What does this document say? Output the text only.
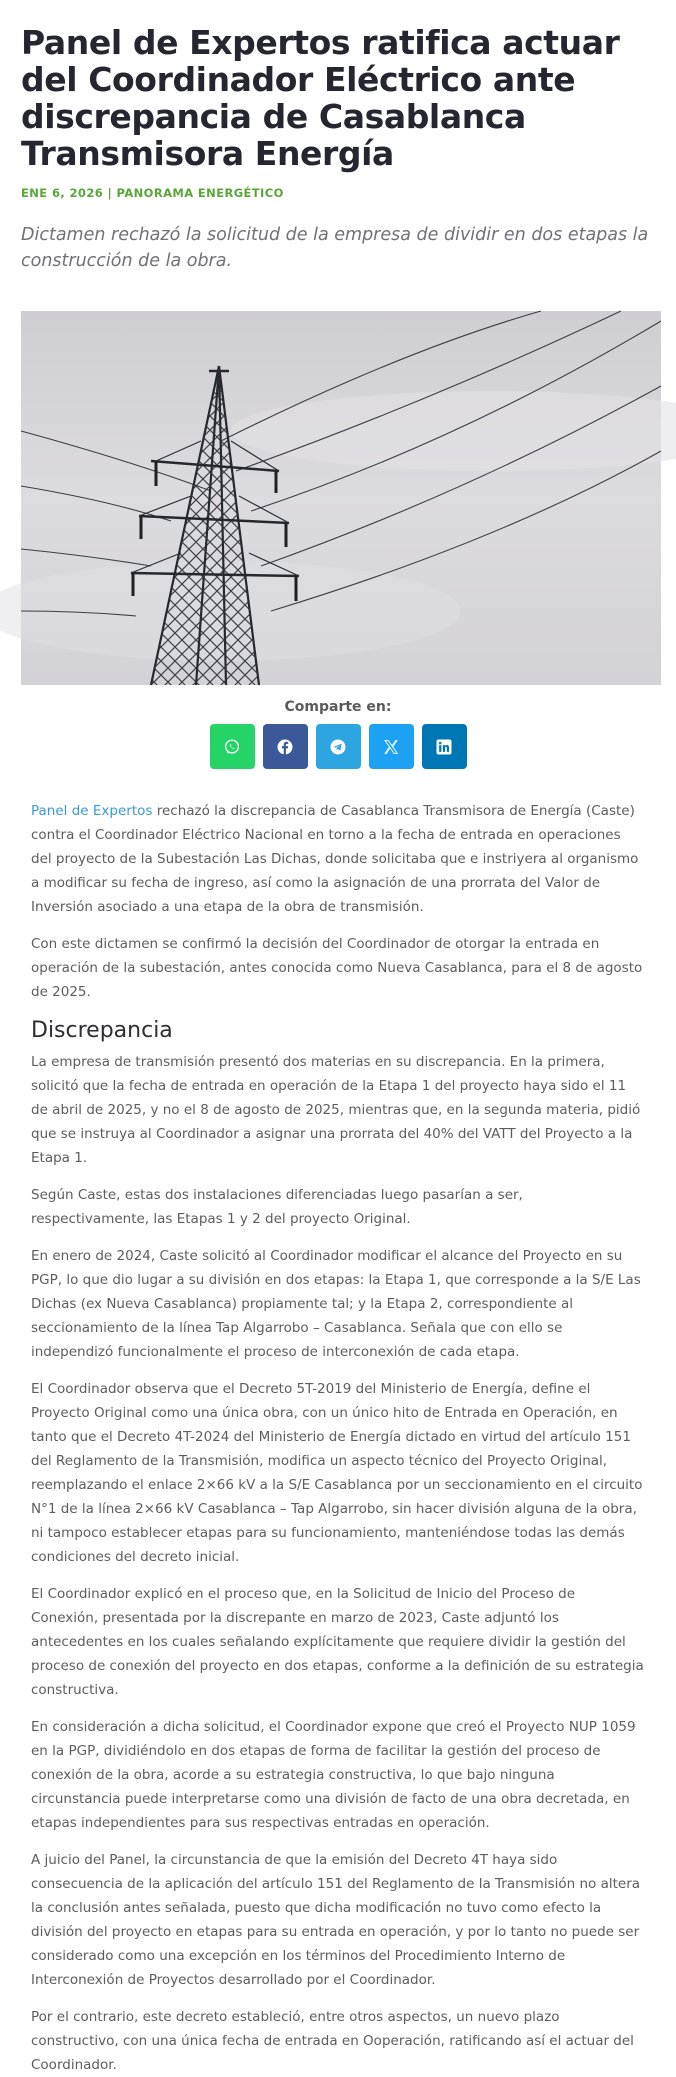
Panel de Expertos ratifica actuar del Coordinador Eléctrico ante discrepancia de Casablanca Transmisora Energía
ENE 6, 2026 | PANORAMA ENERGÉTICO

Dictamen rechazó la solicitud de la empresa de dividir en dos etapas la construcción de la obra.

Comparte en:

Panel de Expertos rechazó la discrepancia de Casablanca Transmisora de Energía (Caste) contra el Coordinador Eléctrico Nacional en torno a la fecha de entrada en operaciones del proyecto de la Subestación Las Dichas, donde solicitaba que e instriyera al organismo a modificar su fecha de ingreso, así como la asignación de una prorrata del Valor de Inversión asociado a una etapa de la obra de transmisión.

Con este dictamen se confirmó la decisión del Coordinador de otorgar la entrada en operación de la subestación, antes conocida como Nueva Casablanca, para el 8 de agosto de 2025.

Discrepancia

La empresa de transmisión presentó dos materias en su discrepancia. En la primera, solicitó que la fecha de entrada en operación de la Etapa 1 del proyecto haya sido el 11 de abril de 2025, y no el 8 de agosto de 2025, mientras que, en la segunda materia, pidió que se instruya al Coordinador a asignar una prorrata del 40% del VATT del Proyecto a la Etapa 1.

Según Caste, estas dos instalaciones diferenciadas luego pasarían a ser, respectivamente, las Etapas 1 y 2 del proyecto Original.

En enero de 2024, Caste solicitó al Coordinador modificar el alcance del Proyecto en su PGP, lo que dio lugar a su división en dos etapas: la Etapa 1, que corresponde a la S/E Las Dichas (ex Nueva Casablanca) propiamente tal; y la Etapa 2, correspondiente al seccionamiento de la línea Tap Algarrobo – Casablanca. Señala que con ello se independizó funcionalmente el proceso de interconexión de cada etapa.

El Coordinador observa que el Decreto 5T-2019 del Ministerio de Energía, define el Proyecto Original como una única obra, con un único hito de Entrada en Operación, en tanto que el Decreto 4T-2024 del Ministerio de Energía dictado en virtud del artículo 151 del Reglamento de la Transmisión, modifica un aspecto técnico del Proyecto Original, reemplazando el enlace 2×66 kV a la S/E Casablanca por un seccionamiento en el circuito N°1 de la línea 2×66 kV Casablanca – Tap Algarrobo, sin hacer división alguna de la obra, ni tampoco establecer etapas para su funcionamiento, manteniéndose todas las demás condiciones del decreto inicial.

El Coordinador explicó en el proceso que, en la Solicitud de Inicio del Proceso de Conexión, presentada por la discrepante en marzo de 2023, Caste adjuntó los antecedentes en los cuales señalando explícitamente que requiere dividir la gestión del proceso de conexión del proyecto en dos etapas, conforme a la definición de su estrategia constructiva.

En consideración a dicha solicitud, el Coordinador expone que creó el Proyecto NUP 1059 en la PGP, dividiéndolo en dos etapas de forma de facilitar la gestión del proceso de conexión de la obra, acorde a su estrategia constructiva, lo que bajo ninguna circunstancia puede interpretarse como una división de facto de una obra decretada, en etapas independientes para sus respectivas entradas en operación.

A juicio del Panel, la circunstancia de que la emisión del Decreto 4T haya sido consecuencia de la aplicación del artículo 151 del Reglamento de la Transmisión no altera la conclusión antes señalada, puesto que dicha modificación no tuvo como efecto la división del proyecto en etapas para su entrada en operación, y por lo tanto no puede ser considerado como una excepción en los términos del Procedimiento Interno de Interconexión de Proyectos desarrollado por el Coordinador.

Por el contrario, este decreto estableció, entre otros aspectos, un nuevo plazo constructivo, con una única fecha de entrada en Ooperación, ratificando así el actuar del Coordinador.
